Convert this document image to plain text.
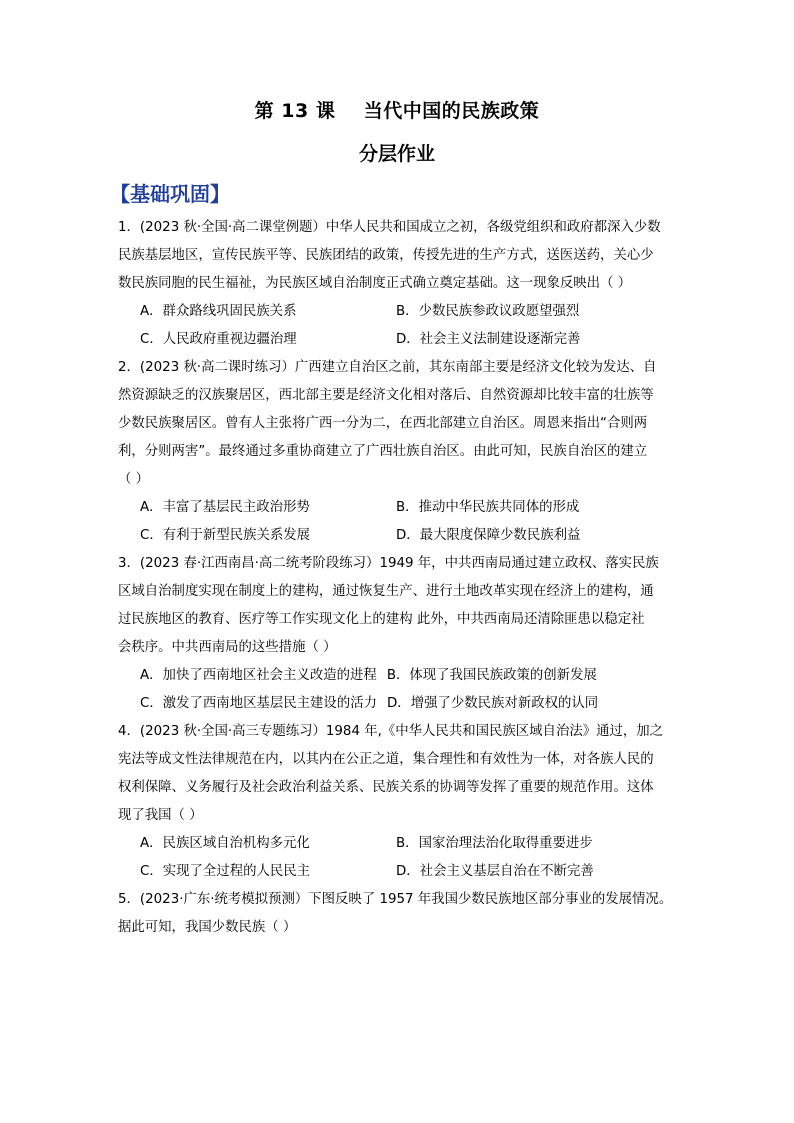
第 13 课    当代中国的民族政策
分层作业
【基础巩固】
1．(2023 秋·全国·高二课堂例题）中华人民共和国成立之初，各级党组织和政府都深入少数
民族基层地区，宣传民族平等、民族团结的政策，传授先进的生产方式，送医送药，关心少
数民族同胞的民生福祉，为民族区域自治制度正式确立奠定基础。这一现象反映出（ ）
A．群众路线巩固民族关系	B．少数民族参政议政愿望强烈
C．人民政府重视边疆治理	D．社会主义法制建设逐渐完善
2．(2023 秋·高二课时练习）广西建立自治区之前，其东南部主要是经济文化较为发达、自
然资源缺乏的汉族聚居区，西北部主要是经济文化相对落后、自然资源却比较丰富的壮族等
少数民族聚居区。曾有人主张将广西一分为二，在西北部建立自治区。周恩来指出“合则两
利，分则两害”。最终通过多重协商建立了广西壮族自治区。由此可知，民族自治区的建立
（ ）
A．丰富了基层民主政治形势	B．推动中华民族共同体的形成
C．有利于新型民族关系发展	D．最大限度保障少数民族利益
3．(2023 春·江西南昌·高二统考阶段练习）1949 年，中共西南局通过建立政权、落实民族
区域自治制度实现在制度上的建构，通过恢复生产、进行土地改革实现在经济上的建构，通
过民族地区的教育、医疗等工作实现文化上的建构 此外，中共西南局还清除匪患以稳定社
会秩序。中共西南局的这些措施（ ）
A．加快了西南地区社会主义改造的进程 B．体现了我国民族政策的创新发展
C．激发了西南地区基层民主建设的活力 D．增强了少数民族对新政权的认同
4．(2023 秋·全国·高三专题练习）1984 年,《中华人民共和国民族区域自治法》通过，加之
宪法等成文性法律规范在内，以其内在公正之道，集合理性和有效性为一体，对各族人民的
权利保障、义务履行及社会政治利益关系、民族关系的协调等发挥了重要的规范作用。这体
现了我国（ ）
A．民族区域自治机构多元化	B．国家治理法治化取得重要进步
C．实现了全过程的人民民主	D．社会主义基层自治在不断完善
5．(2023·广东·统考模拟预测）下图反映了 1957 年我国少数民族地区部分事业的发展情况。
据此可知，我国少数民族（ ）
